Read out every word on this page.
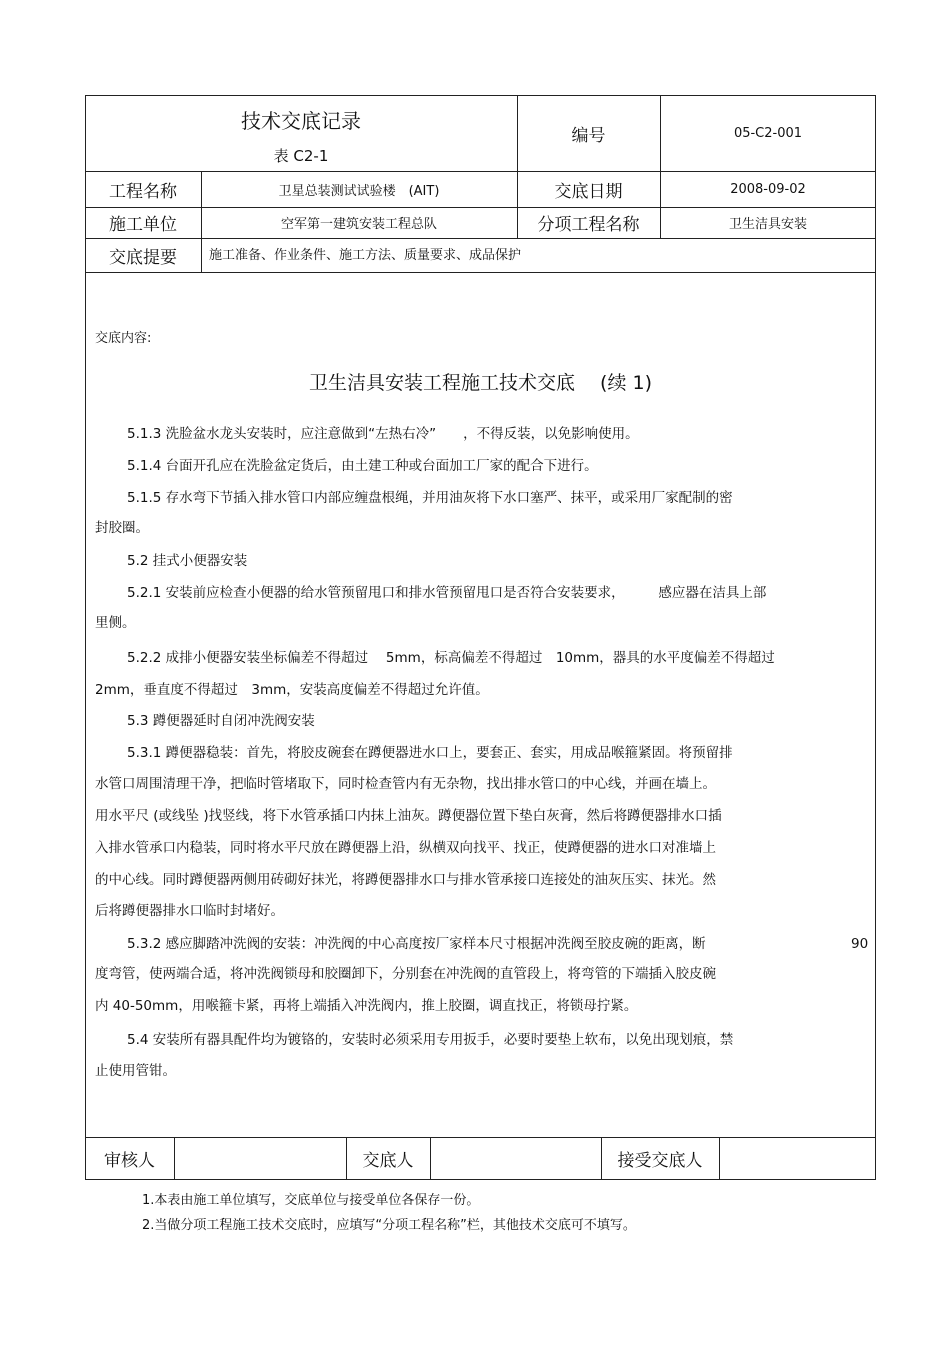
技术交底记录
表 C2-1
编号	05-C2-001
工程名称	卫星总装测试试验楼　(AIT)	交底日期	2008-09-02
施工单位	空军第一建筑安装工程总队	分项工程名称	卫生洁具安装
交底提要	施工准备、作业条件、施工方法、质量要求、成品保护
交底内容:
卫生洁具安装工程施工技术交底　 (续 1)
5.1.3 洗脸盆水龙头安装时，应注意做到“左热右冷”　　，不得反装，以免影响使用。
5.1.4 台面开孔应在洗脸盆定货后，由土建工种或台面加工厂家的配合下进行。
5.1.5 存水弯下节插入排水管口内部应缠盘根绳，并用油灰将下水口塞严、抹平，或采用厂家配制的密
封胶圈。
5.2 挂式小便器安装
5.2.1 安装前应检查小便器的给水管预留甩口和排水管预留甩口是否符合安装要求，　　　感应器在洁具上部
里侧。
5.2.2 成排小便器安装坐标偏差不得超过　 5mm，标高偏差不得超过　10mm，器具的水平度偏差不得超过
2mm，垂直度不得超过　3mm，安装高度偏差不得超过允许值。
5.3 蹲便器延时自闭冲洗阀安装
5.3.1 蹲便器稳装：首先，将胶皮碗套在蹲便器进水口上，要套正、套实，用成品喉箍紧固。将预留排
水管口周围清理干净，把临时管堵取下，同时检查管内有无杂物，找出排水管口的中心线，并画在墙上。
用水平尺 (或线坠 )找竖线，将下水管承插口内抹上油灰。蹲便器位置下垫白灰膏，然后将蹲便器排水口插
入排水管承口内稳装，同时将水平尺放在蹲便器上沿，纵横双向找平、找正，使蹲便器的进水口对准墙上
的中心线。同时蹲便器两侧用砖砌好抹光，将蹲便器排水口与排水管承接口连接处的油灰压实、抹光。然
后将蹲便器排水口临时封堵好。
5.3.2 感应脚踏冲洗阀的安装：冲洗阀的中心高度按厂家样本尺寸根据冲洗阀至胶皮碗的距离，断	90
度弯管，使两端合适，将冲洗阀锁母和胶圈卸下，分别套在冲洗阀的直管段上，将弯管的下端插入胶皮碗
内 40-50mm，用喉箍卡紧，再将上端插入冲洗阀内，推上胶圈，调直找正，将锁母拧紧。
5.4 安装所有器具配件均为镀铬的，安装时必须采用专用扳手，必要时要垫上软布，以免出现划痕，禁
止使用管钳。
审核人	交底人	接受交底人
1.本表由施工单位填写，交底单位与接受单位各保存一份。
2.当做分项工程施工技术交底时，应填写“分项工程名称”栏，其他技术交底可不填写。
